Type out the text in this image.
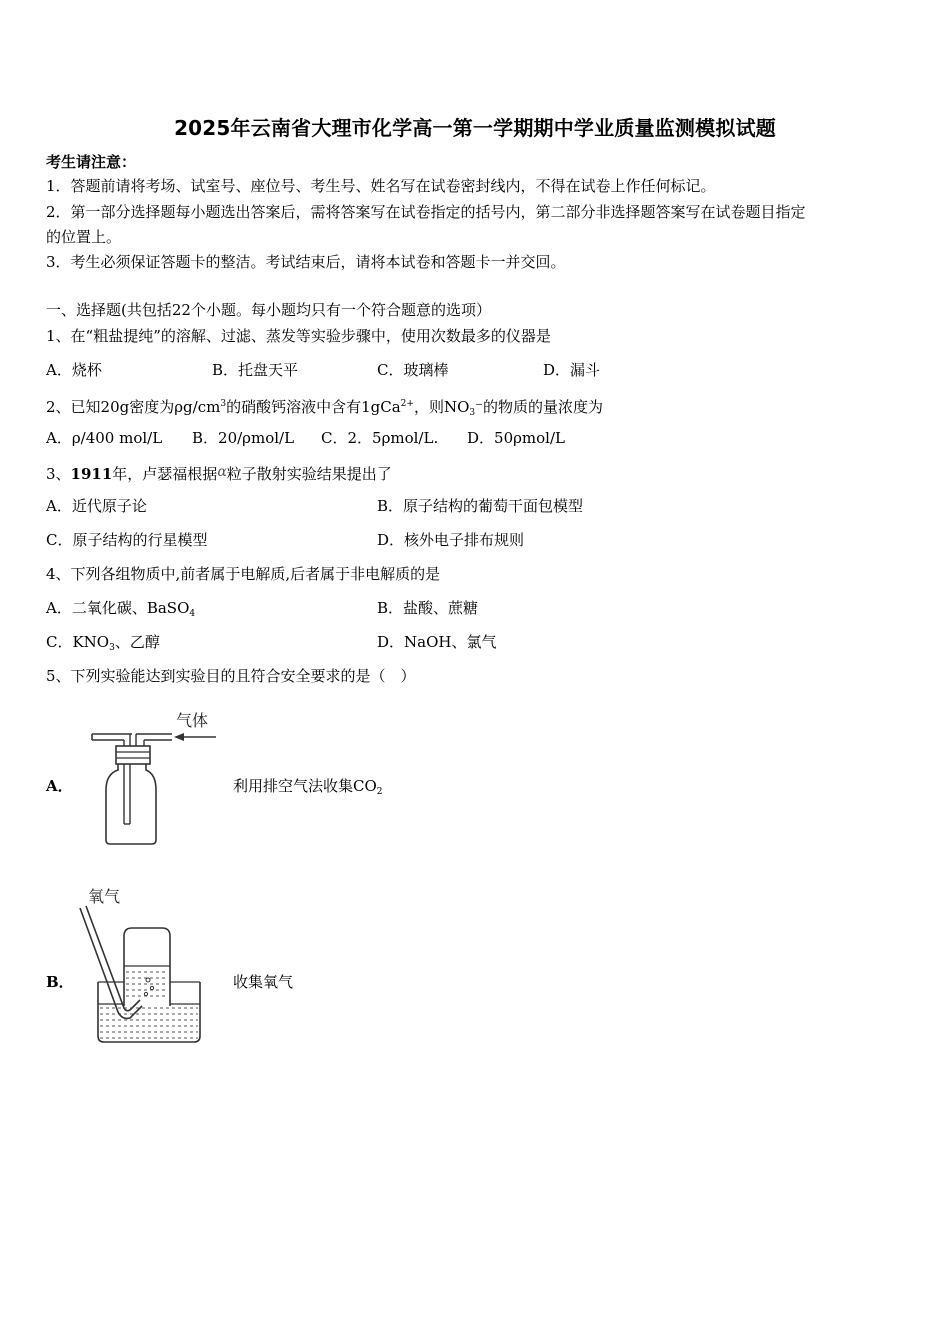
2025年云南省大理市化学高一第一学期期中学业质量监测模拟试题
考生请注意：
1．答题前请将考场、试室号、座位号、考生号、姓名写在试卷密封线内，不得在试卷上作任何标记。
2．第一部分选择题每小题选出答案后，需将答案写在试卷指定的括号内，第二部分非选择题答案写在试卷题目指定
的位置上。
3．考生必须保证答题卡的整洁。考试结束后，请将本试卷和答题卡一并交回。
一、选择题(共包括22个小题。每小题均只有一个符合题意的选项）
1、在“粗盐提纯”的溶解、过滤、蒸发等实验步骤中，使用次数最多的仪器是
A．烧杯	B．托盘天平	C．玻璃棒	D．漏斗
2、已知20g密度为$\rho g/cm^3$的硝酸钙溶液中含有1gCa$^{2+}$，则$NO_3^-$的物质的量浓度为
A．ρ/400 mol/L B．20/ρmol/L C．2．5ρmol/L. D．50ρmol/L
3、1911年，卢瑟福根据α粒子散射实验结果提出了
A．近代原子论	B．原子结构的葡萄干面包模型
C．原子结构的行星模型	D．核外电子排布规则
4、下列各组物质中,前者属于电解质,后者属于非电解质的是
A．二氧化碳、BaSO$_4$	B．盐酸、蔗糖
C．$KNO_3$、乙醇	D．NaOH、氯气
5、下列实验能达到实验目的且符合安全要求的是（　）
A．
气体
利用排空气法收集$CO_2$
B．
氧气
收集氧气
